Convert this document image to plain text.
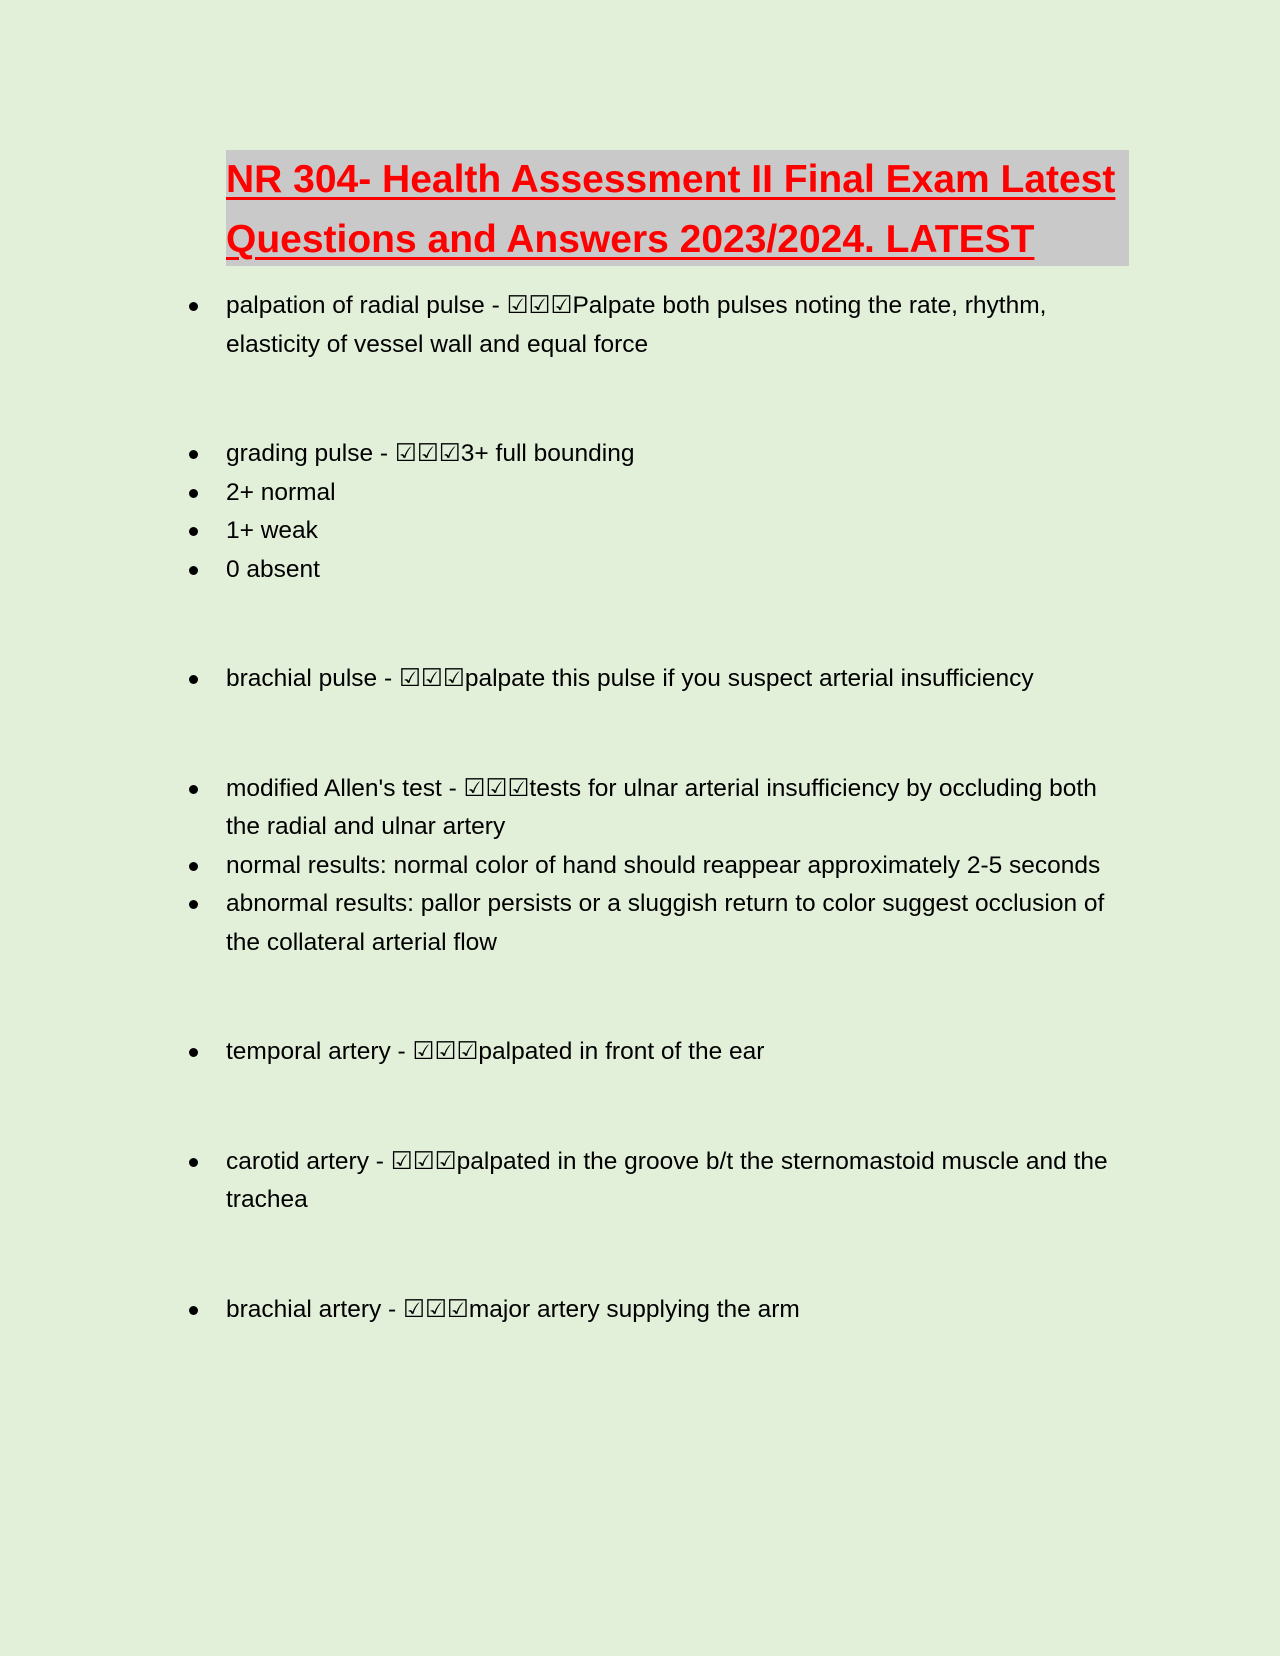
NR 304- Health Assessment II Final Exam Latest
Questions and Answers 2023/2024. LATEST
palpation of radial pulse - ☑☑☑Palpate both pulses noting the rate, rhythm, elasticity of vessel wall and equal force
grading pulse - ☑☑☑3+ full bounding
2+ normal
1+ weak
0 absent
brachial pulse - ☑☑☑palpate this pulse if you suspect arterial insufficiency
modified Allen's test - ☑☑☑tests for ulnar arterial insufficiency by occluding both the radial and ulnar artery
normal results: normal color of hand should reappear approximately 2-5 seconds
abnormal results: pallor persists or a sluggish return to color suggest occlusion of the collateral arterial flow
temporal artery - ☑☑☑palpated in front of the ear
carotid artery - ☑☑☑palpated in the groove b/t the sternomastoid muscle and the trachea
brachial artery - ☑☑☑major artery supplying the arm
